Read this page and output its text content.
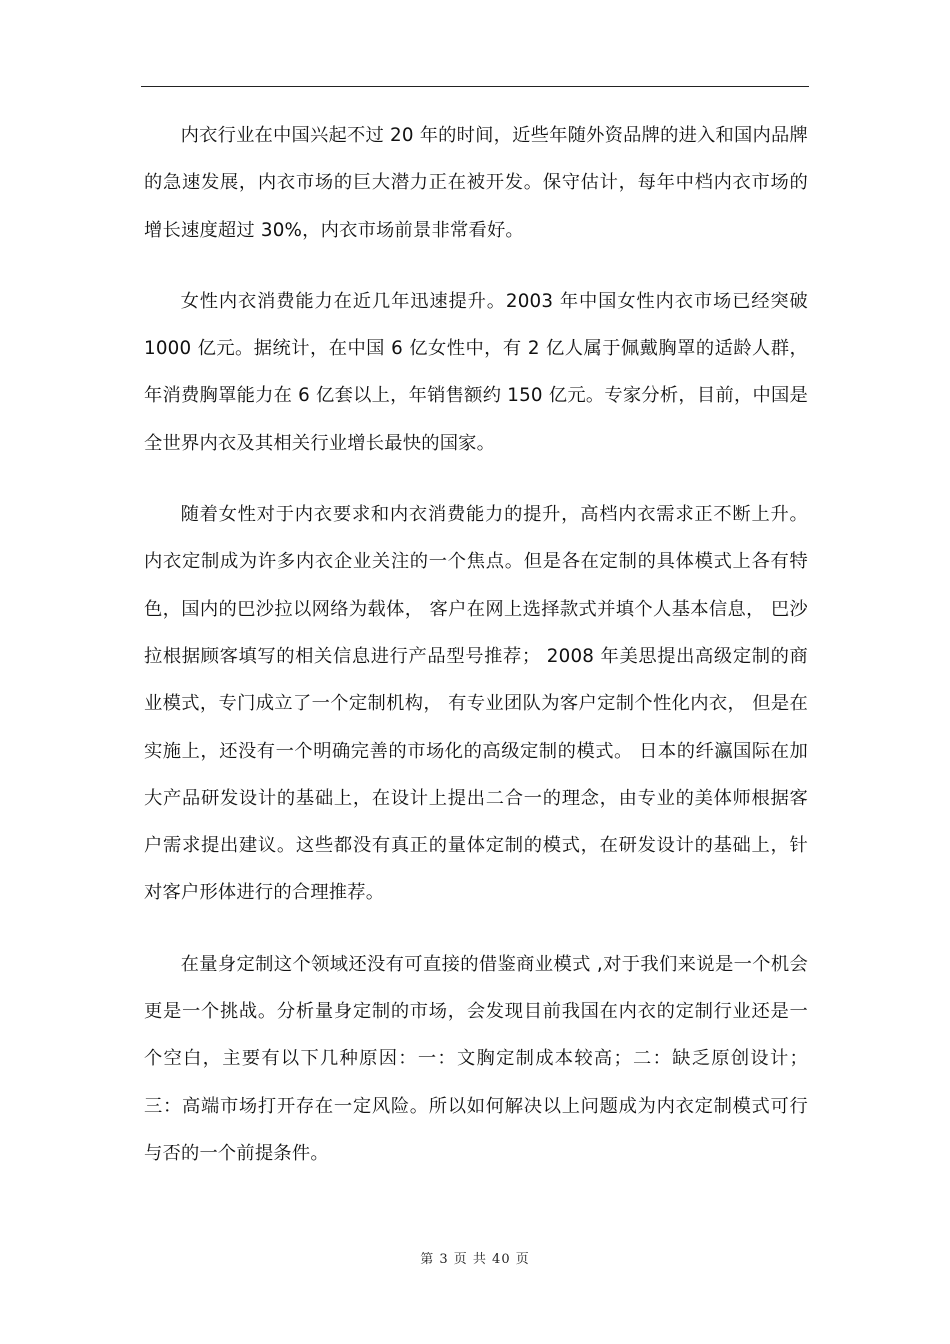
内衣行业在中国兴起不过 20 年的时间，近些年随外资品牌的进入和国内品牌的急速发展，内衣市场的巨大潜力正在被开发。保守估计，每年中档内衣市场的增长速度超过 30%，内衣市场前景非常看好。

女性内衣消费能力在近几年迅速提升。2003 年中国女性内衣市场已经突破 1000 亿元。据统计，在中国 6 亿女性中，有 2 亿人属于佩戴胸罩的适龄人群，年消费胸罩能力在 6 亿套以上，年销售额约 150 亿元。专家分析，目前，中国是全世界内衣及其相关行业增长最快的国家。

随着女性对于内衣要求和内衣消费能力的提升，高档内衣需求正不断上升。内衣定制成为许多内衣企业关注的一个焦点。但是各在定制的具体模式上各有特色，国内的巴沙拉以网络为载体， 客户在网上选择款式并填个人基本信息， 巴沙拉根据顾客填写的相关信息进行产品型号推荐； 2008 年美思提出高级定制的商业模式，专门成立了一个定制机构， 有专业团队为客户定制个性化内衣， 但是在实施上，还没有一个明确完善的市场化的高级定制的模式。 日本的纤瀛国际在加大产品研发设计的基础上，在设计上提出二合一的理念，由专业的美体师根据客户需求提出建议。这些都没有真正的量体定制的模式，在研发设计的基础上，针对客户形体进行的合理推荐。

在量身定制这个领域还没有可直接的借鉴商业模式 ,对于我们来说是一个机会更是一个挑战。分析量身定制的市场，会发现目前我国在内衣的定制行业还是一个空白，主要有以下几种原因：一：文胸定制成本较高；二：缺乏原创设计；三：高端市场打开存在一定风险。所以如何解决以上问题成为内衣定制模式可行与否的一个前提条件。

第 3 页 共 40 页
